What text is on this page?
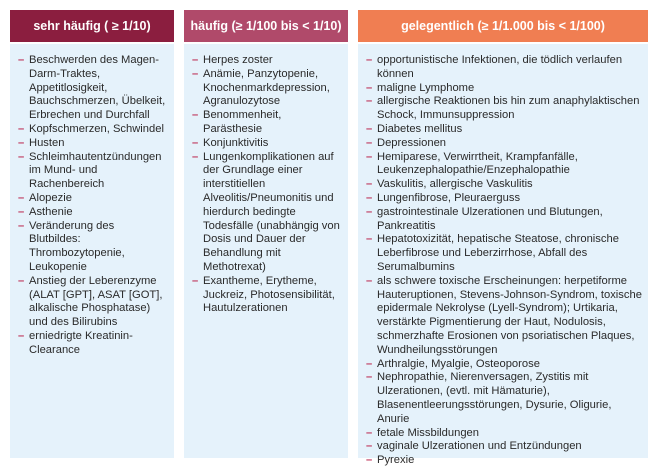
sehr häufig ( ≥ 1/10)
– Beschwerden des Magen-Darm-Traktes, Appetitlosigkeit, Bauchschmerzen, Übelkeit, Erbrechen und Durchfall
– Kopfschmerzen, Schwindel
– Husten
– Schleimhautentzündungen im Mund- und Rachenbereich
– Alopezie
– Asthenie
– Veränderung des Blutbildes: Thrombozytopenie, Leukopenie
– Anstieg der Leberenzyme (ALAT [GPT], ASAT [GOT], alkalische Phosphatase) und des Bilirubins
– erniedrigte Kreatinin-Clearance
häufig (≥ 1/100 bis < 1/10)
– Herpes zoster
– Anämie, Panzytopenie, Knochenmarkdepression, Agranulozytose
– Benommenheit, Parästhesie
– Konjunktivitis
– Lungenkomplikationen auf der Grundlage einer interstitiellen Alveolitis/Pneumonitis und hierdurch bedingte Todesfälle (unabhängig von Dosis und Dauer der Behandlung mit Methotrexat)
– Exantheme, Erytheme, Juckreiz, Photosensibilität, Hautulzerationen
gelegentlich (≥ 1/1.000 bis < 1/100)
– opportunistische Infektionen, die tödlich verlaufen können
– maligne Lymphome
– allergische Reaktionen bis hin zum anaphylaktischen Schock, Immunsuppression
– Diabetes mellitus
– Depressionen
– Hemiparese, Verwirrtheit, Krampfanfälle, Leukenzephalopathie/Enzephalopathie
– Vaskulitis, allergische Vaskulitis
– Lungenfibrose, Pleuraerguss
– gastrointestinale Ulzerationen und Blutungen, Pankreatitis
– Hepatotoxizität, hepatische Steatose, chronische Leberfibrose und Leberzirrhose, Abfall des Serumalbumins
– als schwere toxische Erscheinungen: herpetiforme Hauteruptionen, Stevens-Johnson-Syndrom, toxische epidermale Nekrolyse (Lyell-Syndrom); Urtikaria, verstärkte Pigmentierung der Haut, Nodulosis, schmerzhafte Erosionen von psoriatischen Plaques, Wundheilungsstörungen
– Arthralgie, Myalgie, Osteoporose
– Nephropathie, Nierenversagen, Zystitis mit Ulzerationen, (evtl. mit Hämaturie), Blasenentleerungsstörungen, Dysurie, Oligurie, Anurie
– fetale Missbildungen
– vaginale Ulzerationen und Entzündungen
– Pyrexie
